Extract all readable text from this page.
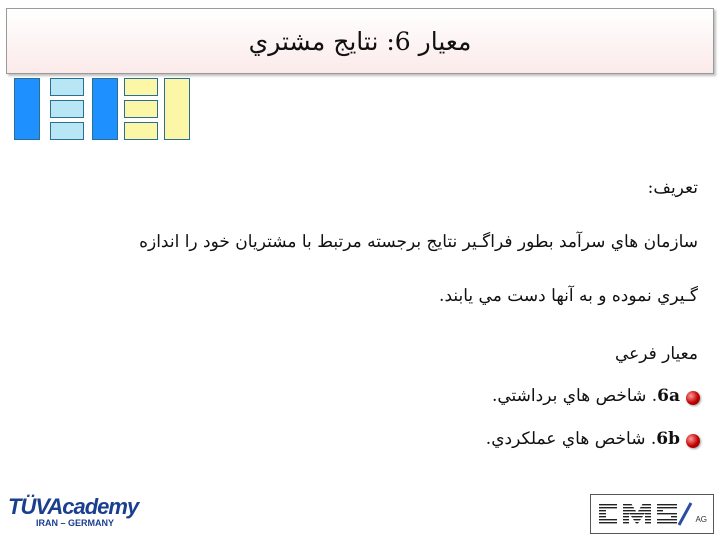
معيار 6: نتايج مشتري
تعريف:
سازمان هاي سرآمد بطور فراگـير نتايج برجسته مرتبط با مشتريان خود را اندازه
گـيري نموده و به آنها دست مي يابند.
معيار فرعي
6a. شاخص هاي برداشتي.
6b. شاخص هاي عملكردي.
TÜVAcademy
IRAN – GERMANY	AG
